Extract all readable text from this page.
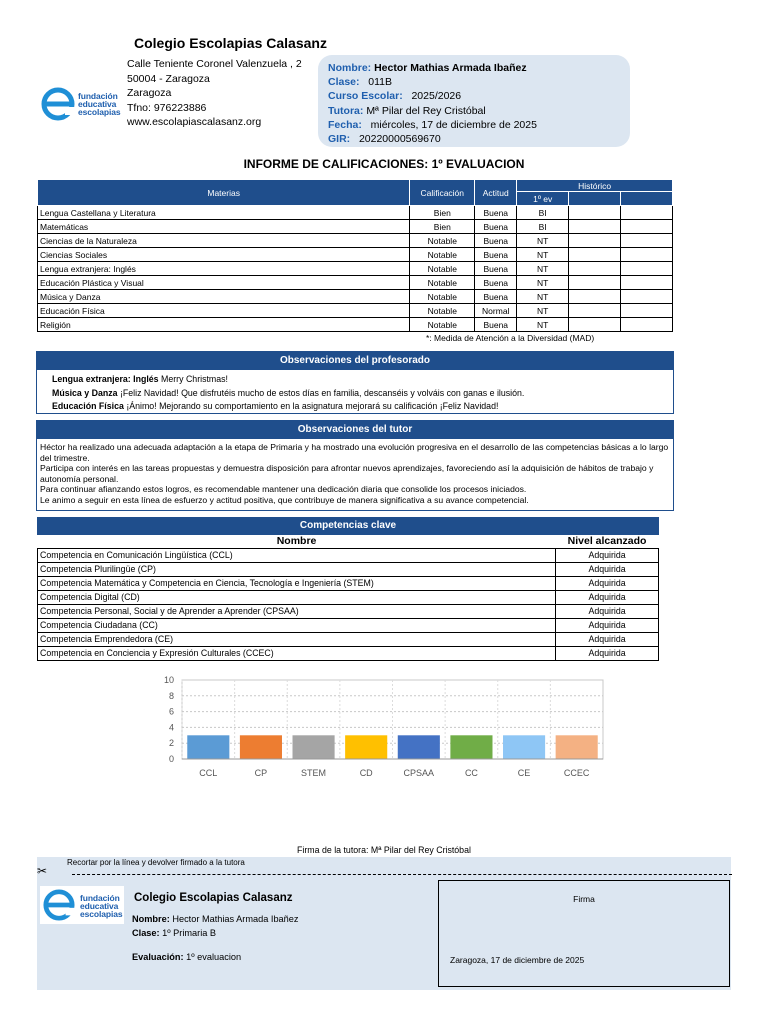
Colegio Escolapias Calasanz
fundación
educativa
escolapias
Calle Teniente Coronel Valenzuela , 2
50004 - Zaragoza
Zaragoza
Tfno: 976223886
www.escolapiascalasanz.org
Nombre: Hector Mathias Armada Ibañez
Clase: 011B
Curso Escolar: 2025/2026
Tutora: Mª Pilar del Rey Cristóbal
Fecha: miércoles, 17 de diciembre de 2025
GIR: 20220000569670
INFORME DE CALIFICACIONES: 1º EVALUACION
Materias	Calificación	Actitud	Histórico		
			1º ev		
Lengua Castellana y Literatura	Bien	Buena	BI		
Matemáticas	Bien	Buena	BI		
Ciencias de la Naturaleza	Notable	Buena	NT		
Ciencias Sociales	Notable	Buena	NT		
Lengua extranjera: Inglés	Notable	Buena	NT		
Educación Plástica y Visual	Notable	Buena	NT		
Música y Danza	Notable	Buena	NT		
Educación Física	Notable	Normal	NT		
Religión	Notable	Buena	NT		
*: Medida de Atención a la Diversidad (MAD)
Observaciones del profesorado
Lengua extranjera: Inglés Merry Christmas!
Música y Danza ¡Feliz Navidad! Que disfrutéis mucho de estos días en familia, descanséis y volváis con ganas e ilusión.
Educación Física ¡Ánimo! Mejorando su comportamiento en la asignatura mejorará su calificación ¡Feliz Navidad!
Observaciones del tutor
Héctor ha realizado una adecuada adaptación a la etapa de Primaria y ha mostrado una evolución progresiva en el desarrollo de las competencias básicas a lo largo del trimestre.
Participa con interés en las tareas propuestas y demuestra disposición para afrontar nuevos aprendizajes, favoreciendo así la adquisición de hábitos de trabajo y autonomía personal.
Para continuar afianzando estos logros, es recomendable mantener una dedicación diaria que consolide los procesos iniciados.
Le animo a seguir en esta línea de esfuerzo y actitud positiva, que contribuye de manera significativa a su avance competencial.
Competencias clave
Nombre	Nivel alcanzado
Competencia en Comunicación Lingüística (CCL)	Adquirida
Competencia Plurilingüe (CP)	Adquirida
Competencia Matemática y Competencia en Ciencia, Tecnología e Ingeniería (STEM)	Adquirida
Competencia Digital (CD)	Adquirida
Competencia Personal, Social y de Aprender a Aprender (CPSAA)	Adquirida
Competencia Ciudadana (CC)	Adquirida
Competencia Emprendedora (CE)	Adquirida
Competencia en Conciencia y Expresión Culturales (CCEC)	Adquirida
0
2
4
6
8
10
CCL	CP	STEM	CD	CPSAA	CC	CE	CCEC
Firma de la tutora: Mª Pilar del Rey Cristóbal
✂
Recortar por la línea y devolver firmado a la tutora
fundación
educativa
escolapias
Colegio Escolapias Calasanz
Nombre: Hector Mathias Armada Ibañez
Clase: 1º Primaria B
Evaluación: 1º evaluacion
Firma
Zaragoza, 17 de diciembre de 2025
